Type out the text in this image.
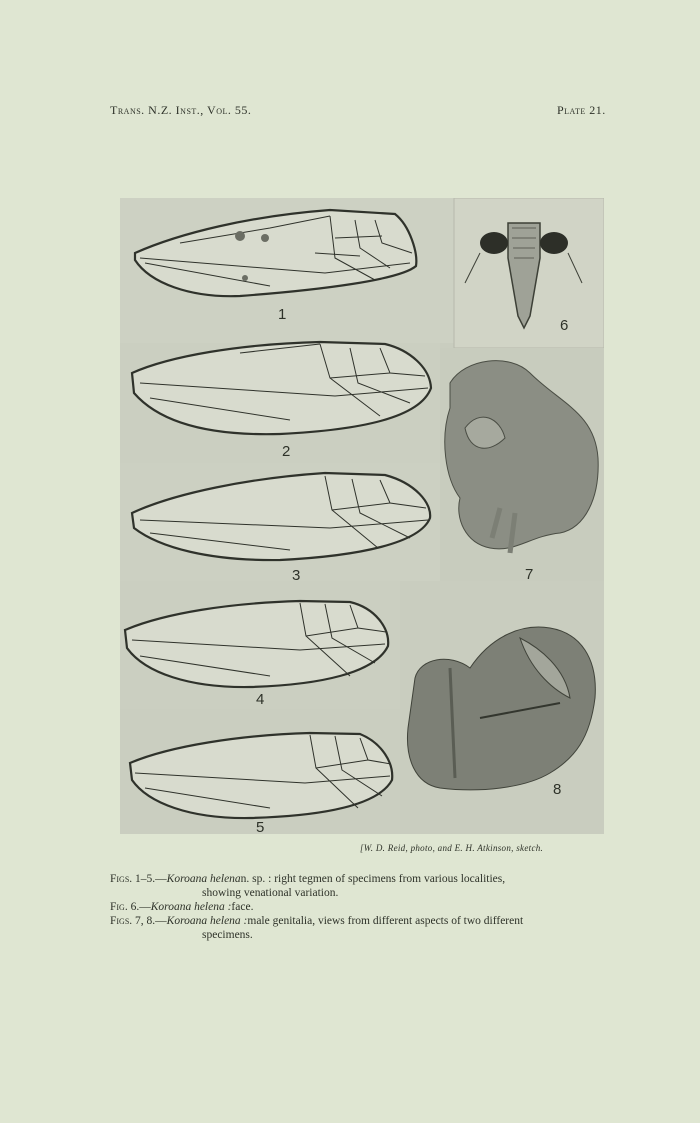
Trans. N.Z. Inst., Vol. 55.	Plate 21.
1
2
3
4
5
6
7
8
[W. D. Reid, photo, and E. H. Atkinson, sketch.
Figs. 1–5.— Koroana helena n. sp. : right tegmen of specimens from various localities,
showing venational variation.
Fig. 6.— Koroana helena : face.
Figs. 7, 8.— Koroana helena : male genitalia, views from different aspects of two different
specimens.
